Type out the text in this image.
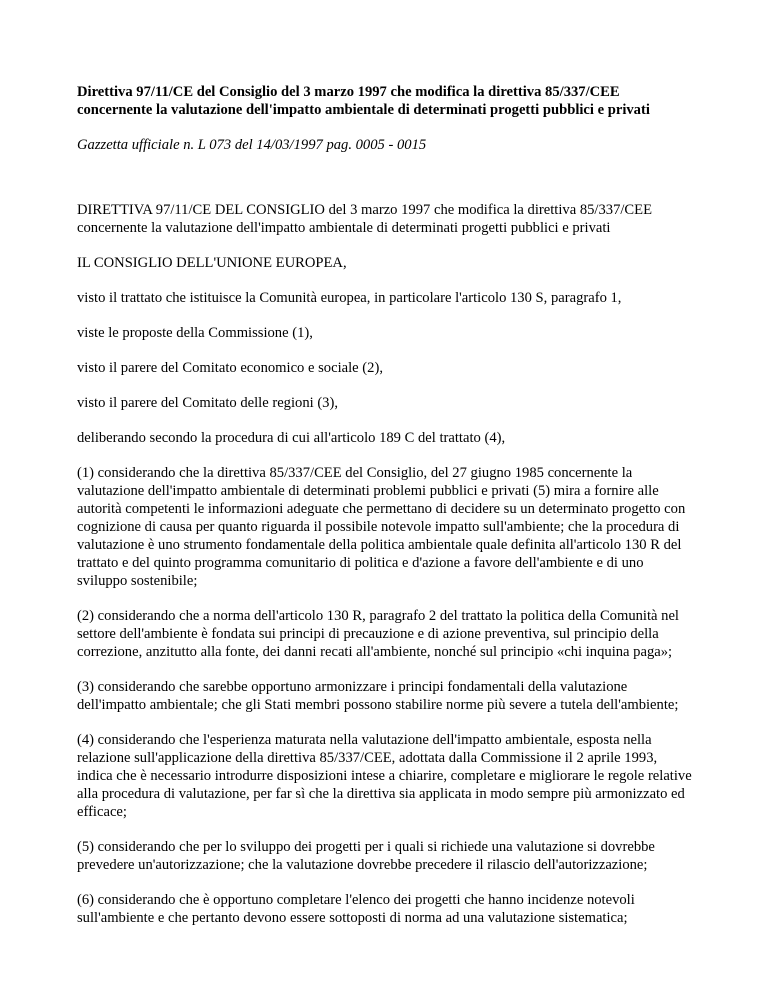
Direttiva 97/11/CE del Consiglio del 3 marzo 1997 che modifica la direttiva 85/337/CEE concernente la valutazione dell'impatto ambientale di determinati progetti pubblici e privati
Gazzetta ufficiale n. L 073 del 14/03/1997 pag. 0005 - 0015
DIRETTIVA 97/11/CE DEL CONSIGLIO del 3 marzo 1997 che modifica la direttiva 85/337/CEE concernente la valutazione dell'impatto ambientale di determinati progetti pubblici e privati
IL CONSIGLIO DELL'UNIONE EUROPEA,
visto il trattato che istituisce la Comunità europea, in particolare l'articolo 130 S, paragrafo 1,
viste le proposte della Commissione (1),
visto il parere del Comitato economico e sociale (2),
visto il parere del Comitato delle regioni (3),
deliberando secondo la procedura di cui all'articolo 189 C del trattato (4),
(1) considerando che la direttiva 85/337/CEE del Consiglio, del 27 giugno 1985 concernente la valutazione dell'impatto ambientale di determinati problemi pubblici e privati (5) mira a fornire alle autorità competenti le informazioni adeguate che permettano di decidere su un determinato progetto con cognizione di causa per quanto riguarda il possibile notevole impatto sull'ambiente; che la procedura di valutazione è uno strumento fondamentale della politica ambientale quale definita all'articolo 130 R del trattato e del quinto programma comunitario di politica e d'azione a favore dell'ambiente e di uno sviluppo sostenibile;
(2) considerando che a norma dell'articolo 130 R, paragrafo 2 del trattato la politica della Comunità nel settore dell'ambiente è fondata sui principi di precauzione e di azione preventiva, sul principio della correzione, anzitutto alla fonte, dei danni recati all'ambiente, nonché sul principio «chi inquina paga»;
(3) considerando che sarebbe opportuno armonizzare i principi fondamentali della valutazione dell'impatto ambientale; che gli Stati membri possono stabilire norme più severe a tutela dell'ambiente;
(4) considerando che l'esperienza maturata nella valutazione dell'impatto ambientale, esposta nella relazione sull'applicazione della direttiva 85/337/CEE, adottata dalla Commissione il 2 aprile 1993, indica che è necessario introdurre disposizioni intese a chiarire, completare e migliorare le regole relative alla procedura di valutazione, per far sì che la direttiva sia applicata in modo sempre più armonizzato ed efficace;
(5) considerando che per lo sviluppo dei progetti per i quali si richiede una valutazione si dovrebbe prevedere un'autorizzazione; che la valutazione dovrebbe precedere il rilascio dell'autorizzazione;
(6) considerando che è opportuno completare l'elenco dei progetti che hanno incidenze notevoli sull'ambiente e che pertanto devono essere sottoposti di norma ad una valutazione sistematica;
